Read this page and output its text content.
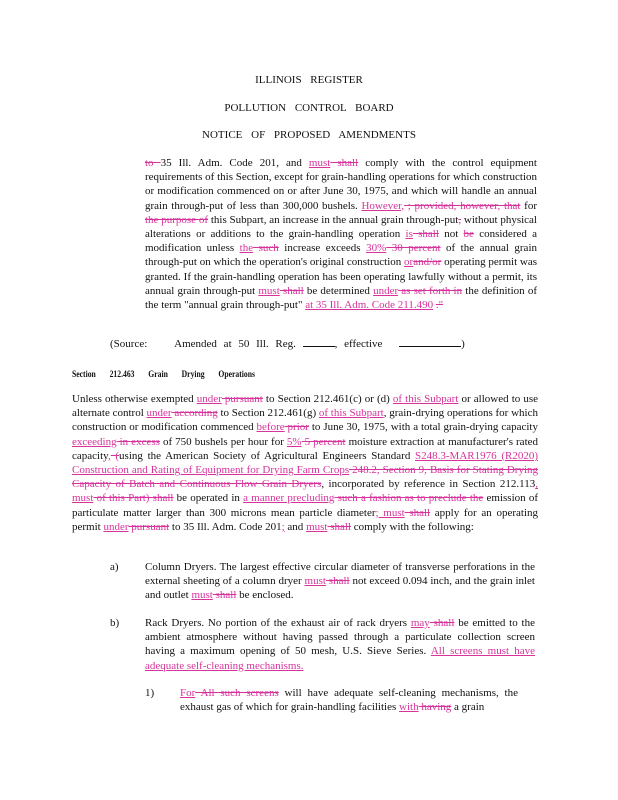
ILLINOIS REGISTER
POLLUTION CONTROL BOARD
NOTICE OF PROPOSED AMENDMENTS
to 35 Ill. Adm. Code 201, and must shall comply with the control equipment requirements of this Section, except for grain-handling operations for which construction or modification commenced on or after June 30, 1975, and which will handle an annual grain through-put of less than 300,000 bushels. However, ; provided, however, that for the purpose of this Subpart, an increase in the annual grain through-put, without physical alterations or additions to the grain-handling operation is shall not be considered a modification unless the such increase exceeds 30% 30 percent of the annual grain through-put on which the operation's original construction orand/or operating permit was granted. If the grain-handling operation has been operating lawfully without a permit, its annual grain through-put must shall be determined under as set forth in the definition of the term "annual grain through-put" at 35 Ill. Adm. Code 211.490 ."
(Source: Amended at 50 Ill. Reg.	, effective	)
Section 212.463 Grain Drying Operations
Unless otherwise exempted under pursuant to Section 212.461(c) or (d) of this Subpart or allowed to use alternate control under according to Section 212.461(g) of this Subpart, grain-drying operations for which construction or modification commenced before prior to June 30, 1975, with a total grain-drying capacity exceeding in excess of 750 bushels per hour for 5% 5 percent moisture extraction at manufacturer's rated capacity, (using the American Society of Agricultural Engineers Standard S248.3-MAR1976 (R2020) Construction and Rating of Equipment for Drying Farm Crops 248.2, Section 9, Basis for Stating Drying Capacity of Batch and Continuous Flow Grain Dryers, incorporated by reference in Section 212.113, must of this Part) shall be operated in a manner precluding such a fashion as to preclude the emission of particulate matter larger than 300 microns mean particle diameter; must shall apply for an operating permit under pursuant to 35 Ill. Adm. Code 201; and must shall comply with the following:
a) Column Dryers. The largest effective circular diameter of transverse perforations in the external sheeting of a column dryer must shall not exceed 0.094 inch, and the grain inlet and outlet must shall be enclosed.
b) Rack Dryers. No portion of the exhaust air of rack dryers may shall be emitted to the ambient atmosphere without having passed through a particulate collection screen having a maximum opening of 50 mesh, U.S. Sieve Series. All screens must have adequate self-cleaning mechanisms.
1) For All such screens will have adequate self-cleaning mechanisms, the exhaust gas of which for grain-handling facilities with having a grain
